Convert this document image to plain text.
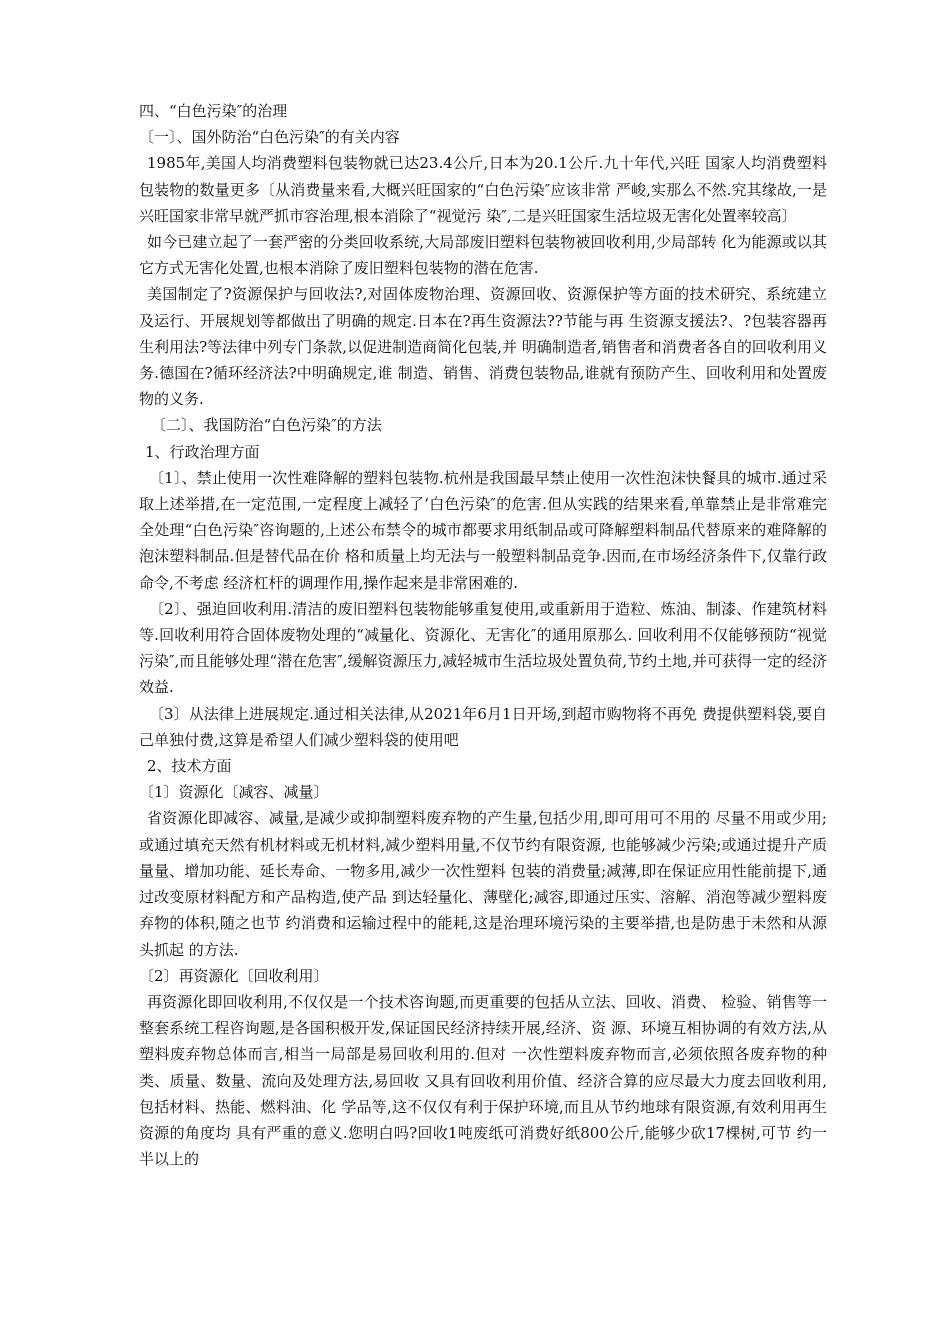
四、“白色污染″的治理

〔一〕、国外防治“白色污染″的有关内容

1985年,美国人均消费塑料包装物就已达23.4公斤,日本为20.1公斤.九十年代,兴旺 国家人均消费塑料包装物的数量更多〔从消费量来看,大概兴旺国家的“白色污染″应该非常 严峻,实那么不然.究其缘故,一是兴旺国家非常早就严抓市容治理,根本消除了“视觉污 染″,二是兴旺国家生活垃圾无害化处置率较高〕

如今已建立起了一套严密的分类回收系统,大局部废旧塑料包装物被回收利用,少局部转 化为能源或以其它方式无害化处置,也根本消除了废旧塑料包装物的潜在危害.

美国制定了?资源保护与回收法?,对固体废物治理、资源回收、资源保护等方面的技术研究、系统建立及运行、开展规划等都做出了明确的规定.日本在?再生资源法??节能与再 生资源支援法?、?包装容器再生利用法?等法律中列专门条款,以促进制造商简化包装,并 明确制造者,销售者和消费者各自的回收利用义务.德国在?循环经济法?中明确规定,谁 制造、销售、消费包装物品,谁就有预防产生、回收利用和处置废物的义务.

〔二〕、我国防治“白色污染″的方法

1、行政治理方面

〔1〕、禁止使用一次性难降解的塑料包装物.杭州是我国最早禁止使用一次性泡沫快餐具的城市.通过采取上述举措,在一定范围,一定程度上减轻了‘白色污染″的危害.但从实践的结果来看,单靠禁止是非常难完全处理“白色污染″咨询题的,上述公布禁令的城市都要求用纸制品或可降解塑料制品代替原来的难降解的泡沫塑料制品.但是替代品在价 格和质量上均无法与一般塑料制品竞争.因而,在市场经济条件下,仅靠行政命令,不考虑 经济杠杆的调理作用,操作起来是非常困难的.

〔2〕、强迫回收利用.清洁的废旧塑料包装物能够重复使用,或重新用于造粒、炼油、制漆、作建筑材料等.回收利用符合固体废物处理的“减量化、资源化、无害化″的通用原那么. 回收利用不仅能够预防“视觉污染″,而且能够处理“潜在危害″,缓解资源压力,减轻城市生活垃圾处置负荷,节约土地,并可获得一定的经济效益.

〔3〕从法律上进展规定.通过相关法律,从2021年6月1日开场,到超市购物将不再免 费提供塑料袋,要自己单独付费,这算是希望人们减少塑料袋的使用吧

2、技术方面

〔1〕资源化〔减容、减量〕

省资源化即减容、减量,是减少或抑制塑料废弃物的产生量,包括少用,即可用可不用的 尽量不用或少用;或通过填充天然有机材料或无机材料,减少塑料用量,不仅节约有限资源, 也能够减少污染;或通过提升产质量量、增加功能、延长寿命、一物多用,减少一次性塑料 包装的消费量;减薄,即在保证应用性能前提下,通过改变原材料配方和产品构造,使产品 到达轻量化、薄壁化;减容,即通过压实、溶解、消泡等减少塑料废弃物的体积,随之也节 约消费和运输过程中的能耗,这是治理环境污染的主要举措,也是防患于未然和从源头抓起 的方法.

〔2〕再资源化〔回收利用〕

再资源化即回收利用,不仅仅是一个技术咨询题,而更重要的包括从立法、回收、消费、 检验、销售等一整套系统工程咨询题,是各国积极开发,保证国民经济持续开展,经济、资 源、环境互相协调的有效方法,从塑料废弃物总体而言,相当一局部是易回收利用的.但对 一次性塑料废弃物而言,必须依照各废弃物的种类、质量、数量、流向及处理方法,易回收 又具有回收利用价值、经济合算的应尽最大力度去回收利用,包括材料、热能、燃料油、化 学品等,这不仅仅有利于保护环境,而且从节约地球有限资源,有效利用再生资源的角度均 具有严重的意义.您明白吗?回收1吨废纸可消费好纸800公斤,能够少砍17棵树,可节 约一半以上的
